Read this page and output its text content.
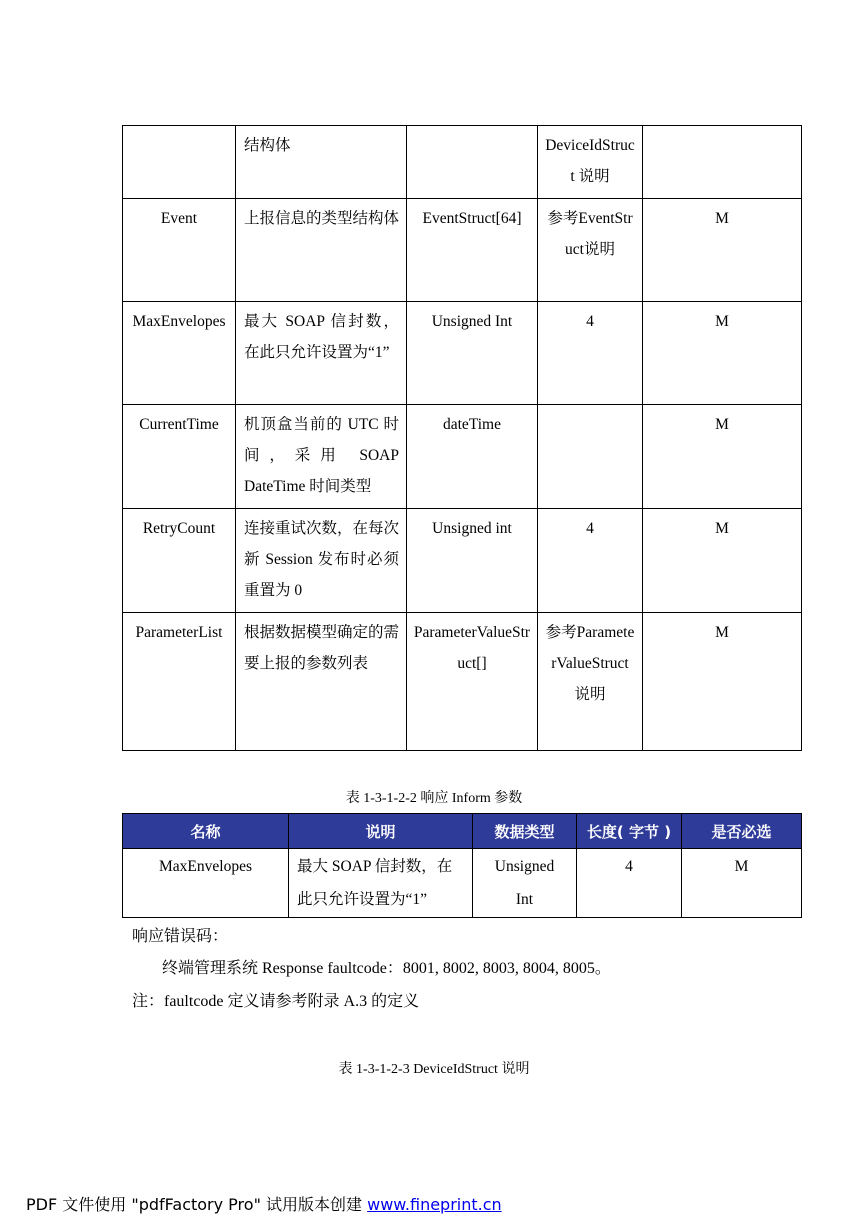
	结构体		DeviceIdStruct 说明	
Event	上报信息的类型结构体	EventStruct[64]	参考EventStruct说明	M
MaxEnvelopes	最大 SOAP 信封数，在此只允许设置为“1”	Unsigned Int	4	M
CurrentTime	机顶盒当前的 UTC 时间，采用 SOAP DateTime 时间类型	dateTime		M
RetryCount	连接重试次数，在每次新 Session 发布时必须重置为 0	Unsigned int	4	M
ParameterList	根据数据模型确定的需要上报的参数列表	ParameterValueStruct[]	参考ParameterValueStruct说明	M
表 1-3-1-2-2 响应 Inform 参数
名称	说明	数据类型	长度( 字节 )	是否必选
MaxEnvelopes	最大 SOAP 信封数，在此只允许设置为“1”	Unsigned Int	4	M
响应错误码：
终端管理系统 Response faultcode：8001, 8002, 8003, 8004, 8005。
注：faultcode 定义请参考附录 A.3 的定义
表 1-3-1-2-3 DeviceIdStruct 说明
PDF 文件使用 "pdfFactory Pro" 试用版本创建 www.fineprint.cn
